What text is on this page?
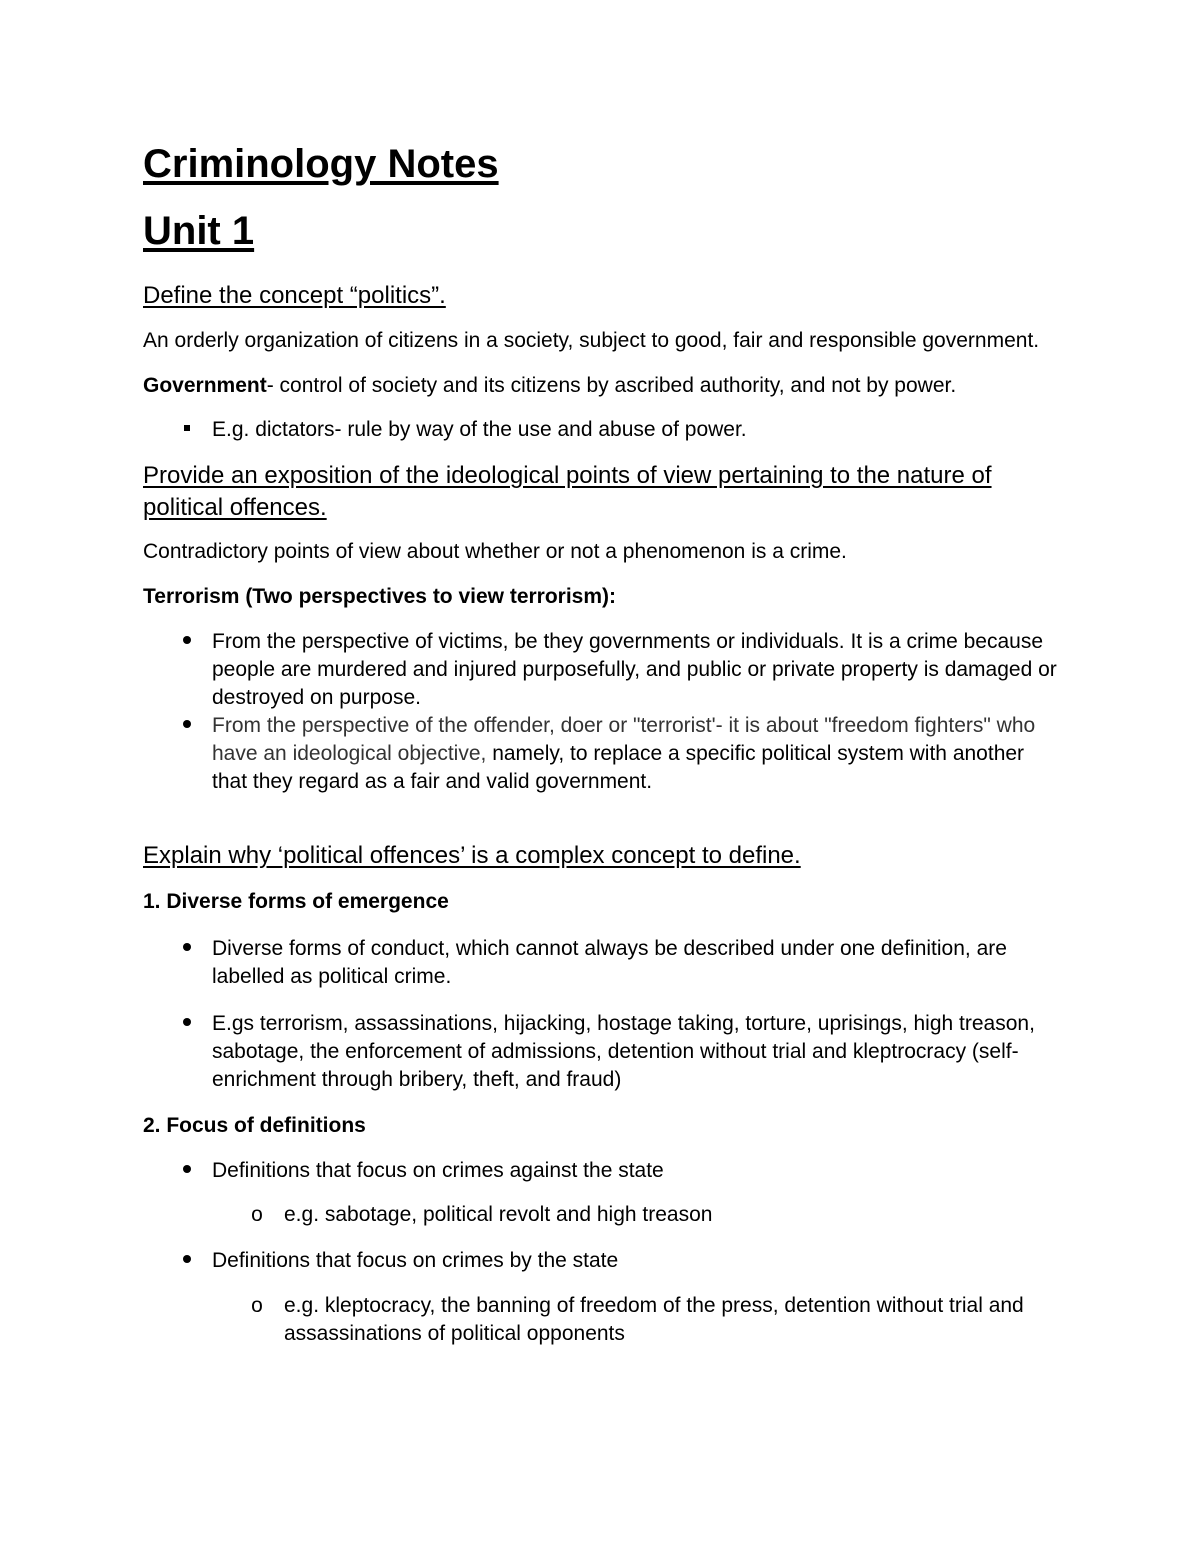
Criminology Notes
Unit 1
Define the concept “politics”.

An orderly organization of citizens in a society, subject to good, fair and responsible government.

Government- control of society and its citizens by ascribed authority, and not by power.

E.g. dictators- rule by way of the use and abuse of power.
Provide an exposition of the ideological points of view pertaining to the nature of political offences.

Contradictory points of view about whether or not a phenomenon is a crime.

Terrorism (Two perspectives to view terrorism):

From the perspective of victims, be they governments or individuals. It is a crime because people are murdered and injured purposefully, and public or private property is damaged or destroyed on purpose.
From the perspective of the offender, doer or "terrorist'- it is about "freedom fighters" who have an ideological objective, namely, to replace a specific political system with another that they regard as a fair and valid government.
Explain why ‘political offences’ is a complex concept to define.

1. Diverse forms of emergence

Diverse forms of conduct, which cannot always be described under one definition, are labelled as political crime.
E.gs terrorism, assassinations, hijacking, hostage taking, torture, uprisings, high treason, sabotage, the enforcement of admissions, detention without trial and kleptrocracy (self-enrichment through bribery, theft, and fraud)

2. Focus of definitions

Definitions that focus on crimes against the state
o e.g. sabotage, political revolt and high treason
Definitions that focus on crimes by the state
o e.g. kleptocracy, the banning of freedom of the press, detention without trial and assassinations of political opponents
